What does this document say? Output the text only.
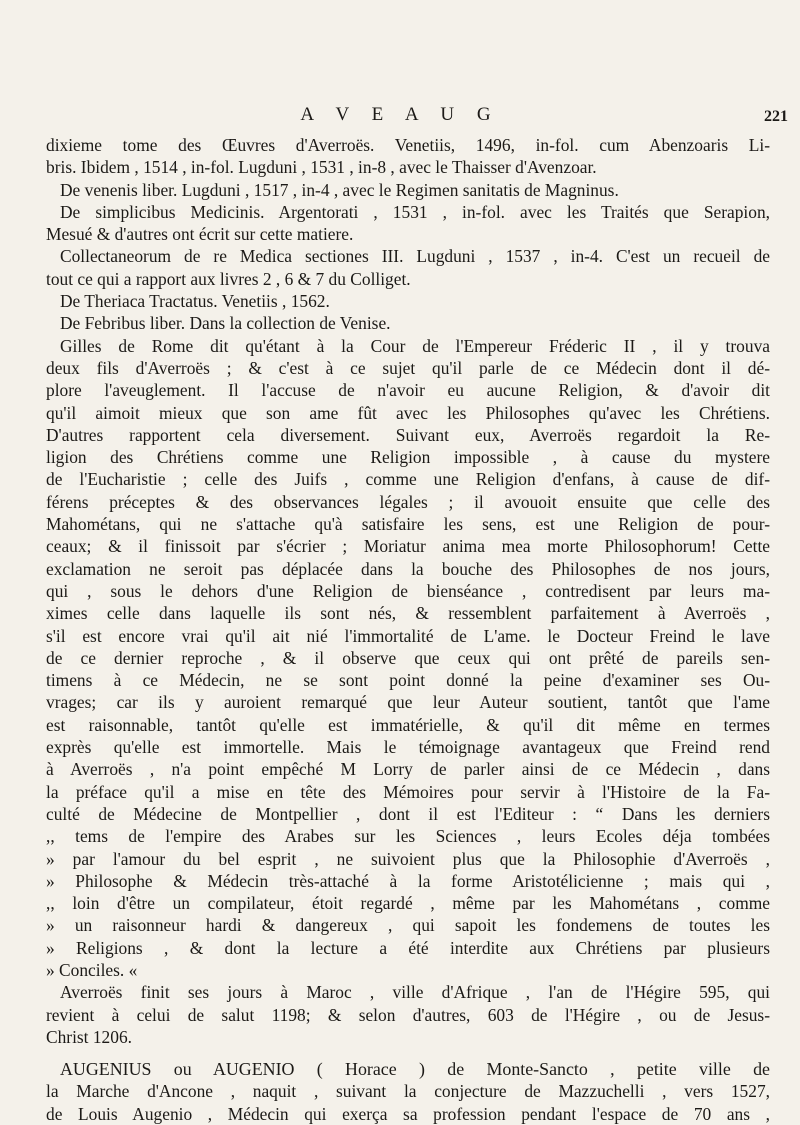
A V E A U G	221
dixieme tome des Œuvres d'Averroës. Venetiis, 1496, in-fol. cum Abenzoaris Li-
bris. Ibidem , 1514 , in-fol. Lugduni , 1531 , in-8 , avec le Thaisser d'Avenzoar.
De venenis liber. Lugduni , 1517 , in-4 , avec le Regimen sanitatis de Magninus.
De simplicibus Medicinis. Argentorati , 1531 , in-fol. avec les Traités que Serapion,
Mesué & d'autres ont écrit sur cette matiere.
Collectaneorum de re Medica sectiones III. Lugduni , 1537 , in-4. C'est un recueil de
tout ce qui a rapport aux livres 2 , 6 & 7 du Colliget.
De Theriaca Tractatus. Venetiis , 1562.
De Febribus liber. Dans la collection de Venise.
Gilles de Rome dit qu'étant à la Cour de l'Empereur Fréderic II , il y trouva
deux fils d'Averroës ; & c'est à ce sujet qu'il parle de ce Médecin dont il dé-
plore l'aveuglement. Il l'accuse de n'avoir eu aucune Religion, & d'avoir dit
qu'il aimoit mieux que son ame fût avec les Philosophes qu'avec les Chrétiens.
D'autres rapportent cela diversement. Suivant eux, Averroës regardoit la Re-
ligion des Chrétiens comme une Religion impossible , à cause du mystere
de l'Eucharistie ; celle des Juifs , comme une Religion d'enfans, à cause de dif-
férens préceptes & des observances légales ; il avouoit ensuite que celle des
Mahométans, qui ne s'attache qu'à satisfaire les sens, est une Religion de pour-
ceaux; & il finissoit par s'écrier ; Moriatur anima mea morte Philosophorum! Cette
exclamation ne seroit pas déplacée dans la bouche des Philosophes de nos jours,
qui , sous le dehors d'une Religion de bienséance , contredisent par leurs ma-
ximes celle dans laquelle ils sont nés, & ressemblent parfaitement à Averroës ,
s'il est encore vrai qu'il ait nié l'immortalité de L'ame. le Docteur Freind le lave
de ce dernier reproche , & il observe que ceux qui ont prêté de pareils sen-
timens à ce Médecin, ne se sont point donné la peine d'examiner ses Ou-
vrages; car ils y auroient remarqué que leur Auteur soutient, tantôt que l'ame
est raisonnable, tantôt qu'elle est immatérielle, & qu'il dit même en termes
exprès qu'elle est immortelle. Mais le témoignage avantageux que Freind rend
à Averroës , n'a point empêché M Lorry de parler ainsi de ce Médecin , dans
la préface qu'il a mise en tête des Mémoires pour servir à l'Histoire de la Fa-
culté de Médecine de Montpellier , dont il est l'Editeur : “ Dans les derniers
,, tems de l'empire des Arabes sur les Sciences , leurs Ecoles déja tombées
» par l'amour du bel esprit , ne suivoient plus que la Philosophie d'Averroës ,
» Philosophe & Médecin très-attaché à la forme Aristotélicienne ; mais qui ,
,, loin d'être un compilateur, étoit regardé , même par les Mahométans , comme
» un raisonneur hardi & dangereux , qui sapoit les fondemens de toutes les
» Religions , & dont la lecture a été interdite aux Chrétiens par plusieurs
» Conciles. «
Averroës finit ses jours à Maroc , ville d'Afrique , l'an de l'Hégire 595, qui
revient à celui de salut 1198; & selon d'autres, 603 de l'Hégire , ou de Jesus-
Christ 1206.
AUGENIUS ou AUGENIO ( Horace ) de Monte-Sancto , petite ville de
la Marche d'Ancone , naquit , suivant la conjecture de Mazzuchelli , vers 1527,
de Louis Augenio , Médecin qui exerça sa profession pendant l'espace de 70 ans ,
